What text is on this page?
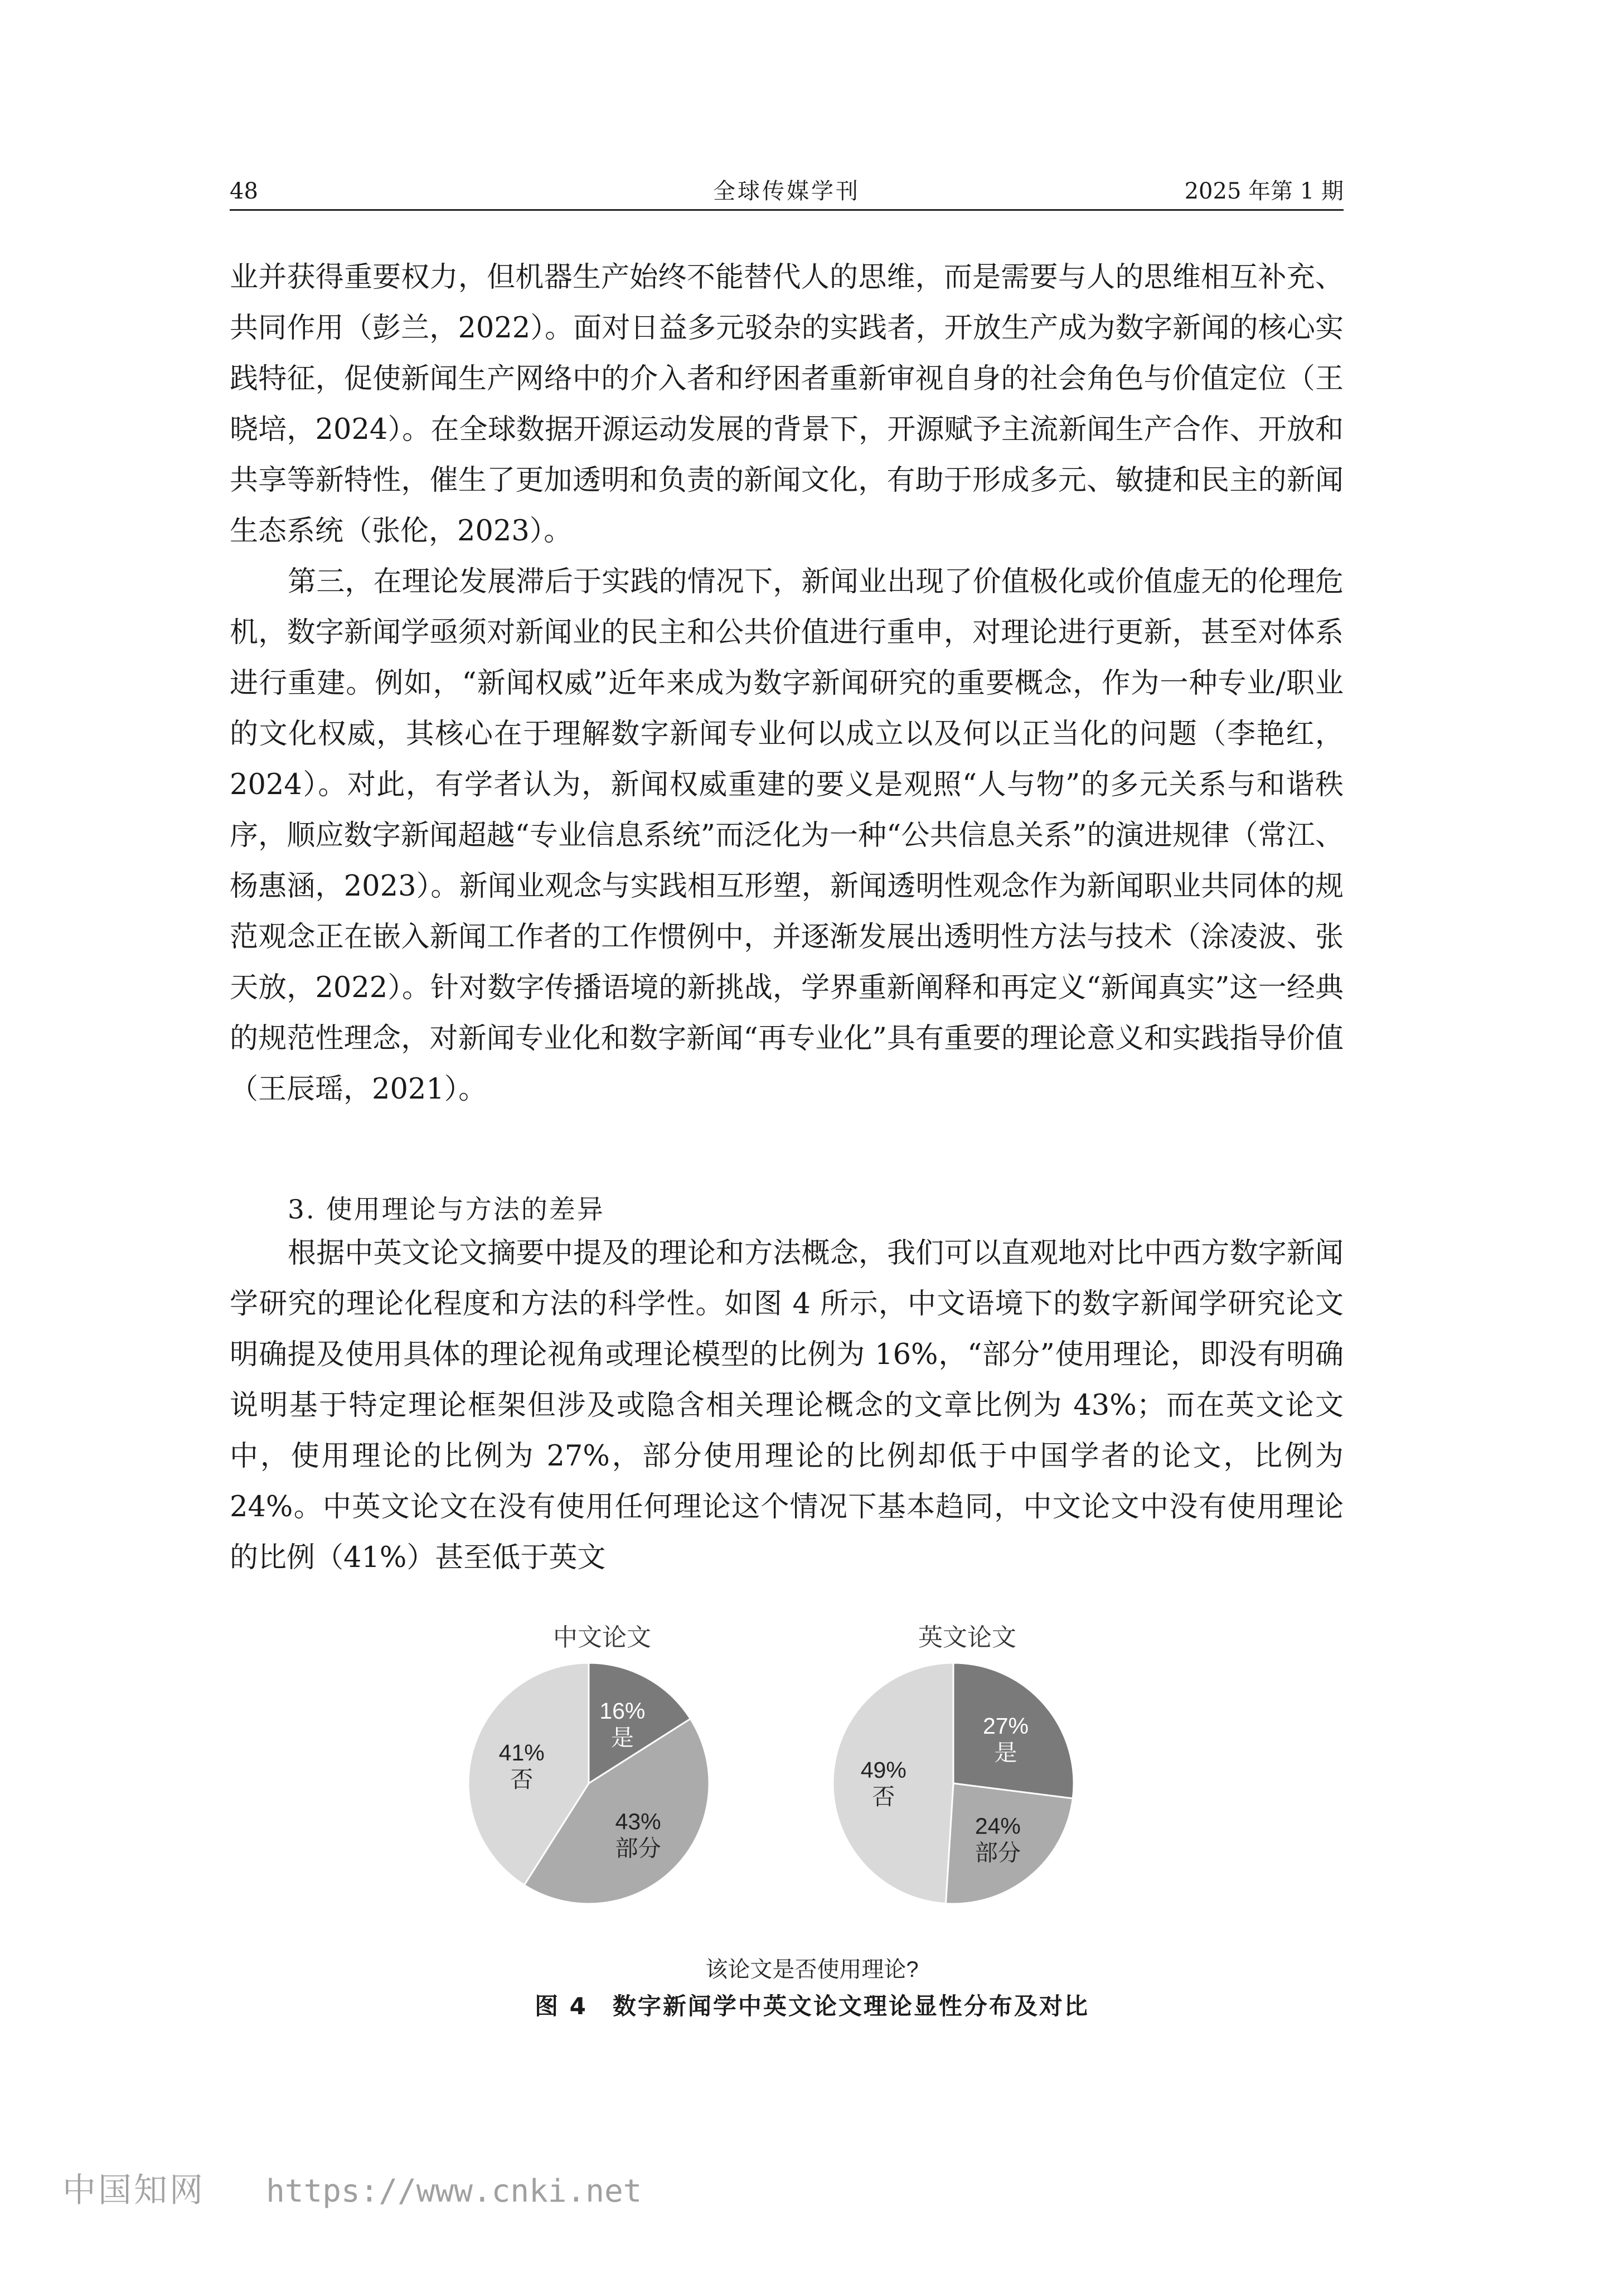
48	全球传媒学刊	2025 年第 1 期

业并获得重要权力，但机器生产始终不能替代人的思维，而是需要与人的思维相互补充、共同作用（彭兰，2022）。面对日益多元驳杂的实践者，开放生产成为数字新闻的核心实践特征，促使新闻生产网络中的介入者和纾困者重新审视自身的社会角色与价值定位（王晓培，2024）。在全球数据开源运动发展的背景下，开源赋予主流新闻生产合作、开放和共享等新特性，催生了更加透明和负责的新闻文化，有助于形成多元、敏捷和民主的新闻生态系统（张伦，2023）。

第三，在理论发展滞后于实践的情况下，新闻业出现了价值极化或价值虚无的伦理危机，数字新闻学亟须对新闻业的民主和公共价值进行重申，对理论进行更新，甚至对体系进行重建。例如，“新闻权威”近年来成为数字新闻研究的重要概念，作为一种专业/职业的文化权威，其核心在于理解数字新闻专业何以成立以及何以正当化的问题（李艳红，2024）。对此，有学者认为，新闻权威重建的要义是观照“人与物”的多元关系与和谐秩序，顺应数字新闻超越“专业信息系统”而泛化为一种“公共信息关系”的演进规律（常江、杨惠涵，2023）。新闻业观念与实践相互形塑，新闻透明性观念作为新闻职业共同体的规范观念正在嵌入新闻工作者的工作惯例中，并逐渐发展出透明性方法与技术（涂凌波、张天放，2022）。针对数字传播语境的新挑战，学界重新阐释和再定义“新闻真实”这一经典的规范性理念，对新闻专业化和数字新闻“再专业化”具有重要的理论意义和实践指导价值（王辰瑶，2021）。

3. 使用理论与方法的差异

根据中英文论文摘要中提及的理论和方法概念，我们可以直观地对比中西方数字新闻学研究的理论化程度和方法的科学性。如图 4 所示，中文语境下的数字新闻学研究论文明确提及使用具体的理论视角或理论模型的比例为 16%，“部分”使用理论，即没有明确说明基于特定理论框架但涉及或隐含相关理论概念的文章比例为 43%；而在英文论文中，使用理论的比例为 27%，部分使用理论的比例却低于中国学者的论文，比例为 24%。中英文论文在没有使用任何理论这个情况下基本趋同，中文论文中没有使用理论的比例（41%）甚至低于英文

中文论文	英文论文
16%
是
43%
部分
41%
否
27%
是
24%
部分
49%
否
该论文是否使用理论?
图 4　数字新闻学中英文论文理论显性分布及对比
中国知网 https://www.cnki.net
